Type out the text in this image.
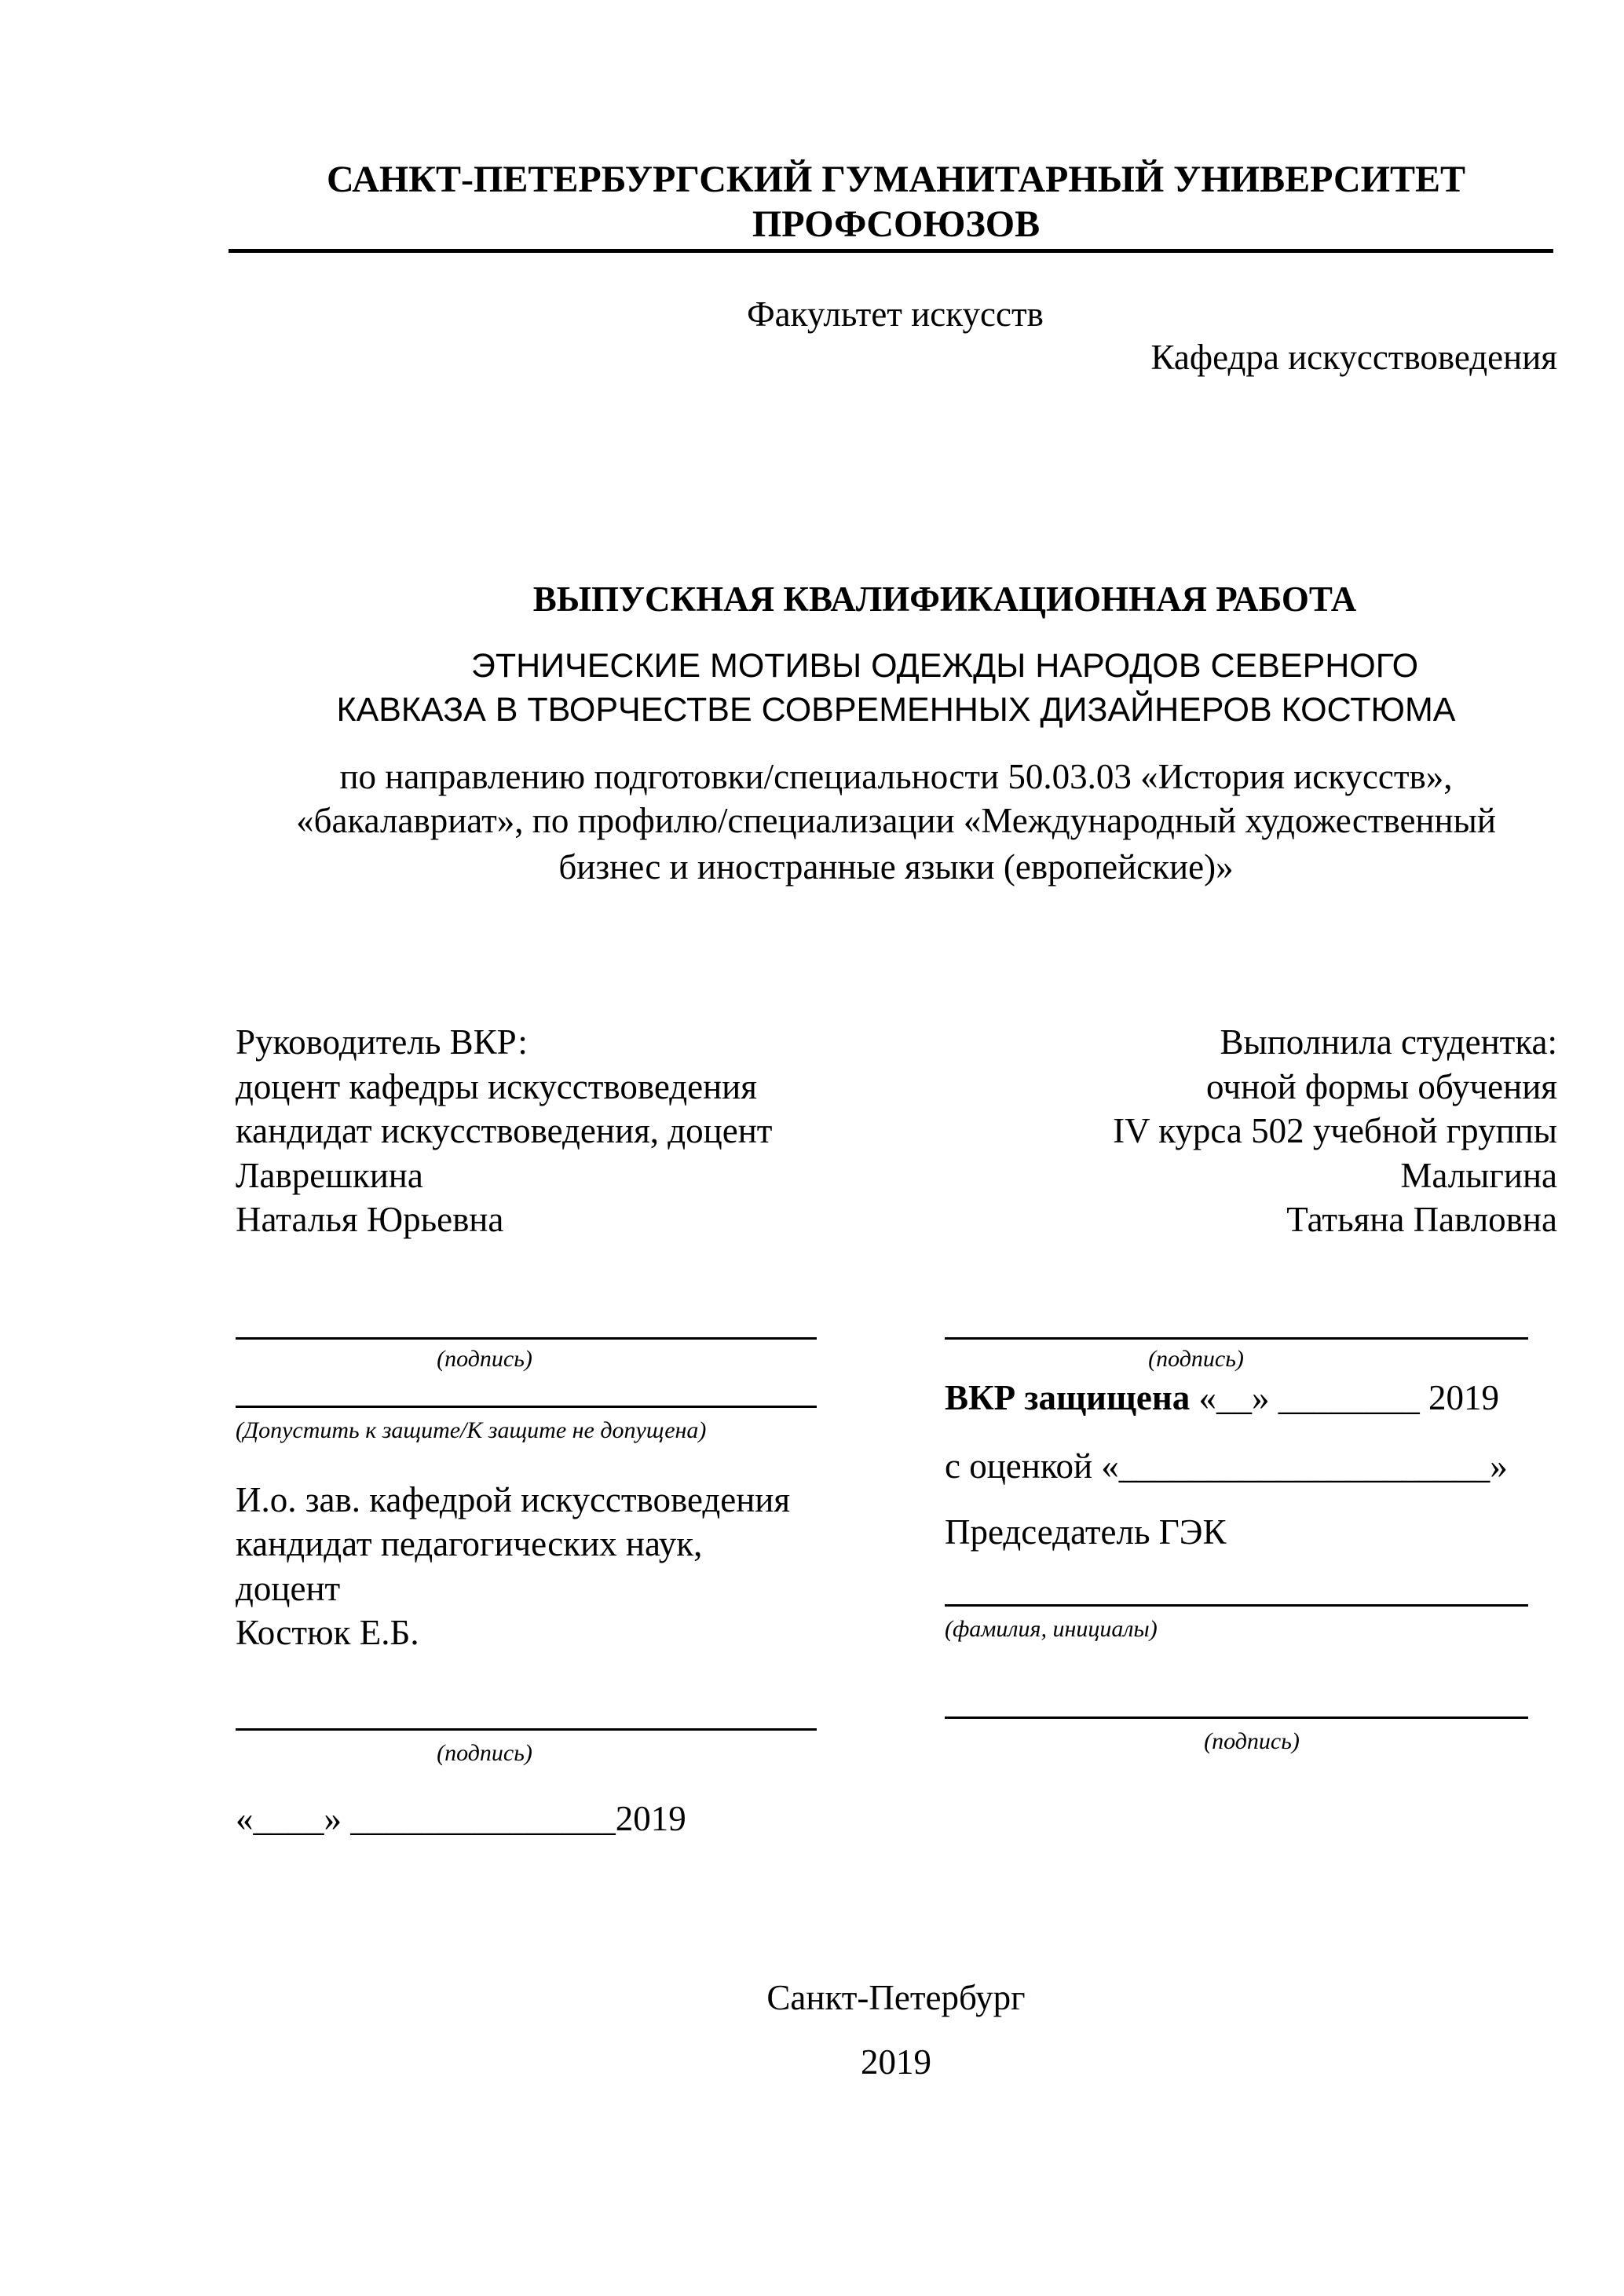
САНКТ-ПЕТЕРБУРГСКИЙ ГУМАНИТАРНЫЙ УНИВЕРСИТЕТ
ПРОФСОЮЗОВ
Факультет искусств
Кафедра искусствоведения
ВЫПУСКНАЯ КВАЛИФИКАЦИОННАЯ РАБОТА
ЭТНИЧЕСКИЕ МОТИВЫ ОДЕЖДЫ НАРОДОВ СЕВЕРНОГО
КАВКАЗА В ТВОРЧЕСТВЕ СОВРЕМЕННЫХ ДИЗАЙНЕРОВ КОСТЮМА
по направлению подготовки/специальности 50.03.03 «История искусств»,
«бакалавриат», по профилю/специализации «Международный художественный
бизнес и иностранные языки (европейские)»
Руководитель ВКР:
доцент кафедры искусствоведения
кандидат искусствоведения, доцент
Лаврешкина
Наталья Юрьевна
Выполнила студентка:
очной формы обучения
IV курса 502 учебной группы
Малыгина
Татьяна Павловна
(подпись)
(Допустить к защите/К защите не допущена)
И.о. зав. кафедрой искусствоведения
кандидат педагогических наук,
доцент
Костюк Е.Б.
(подпись)
«____» _______________2019
(подпись)
ВКР защищена «__» ________ 2019
с оценкой «_____________________»
Председатель ГЭК
(фамилия, инициалы)
(подпись)
Санкт-Петербург
2019
